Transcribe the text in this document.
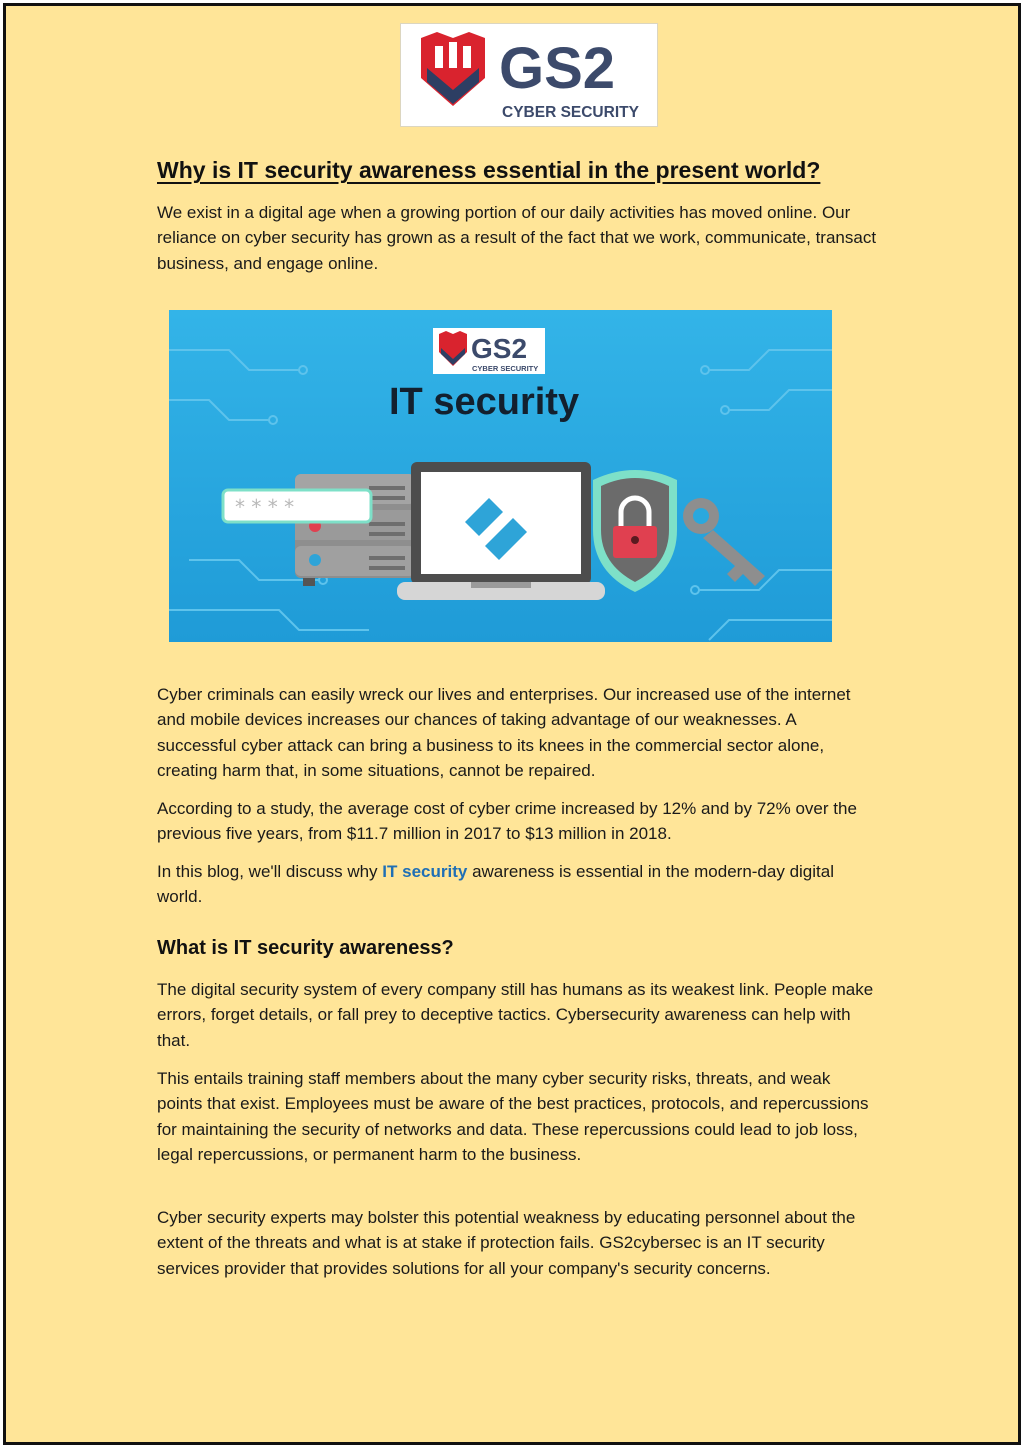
GS2
CYBER SECURITY
Why is IT security awareness essential in the present world?

We exist in a digital age when a growing portion of our daily activities has moved online. Our reliance on cyber security has grown as a result of the fact that we work, communicate, transact business, and engage online.

GS2
CYBER SECURITY
IT security
* * * *

Cyber criminals can easily wreck our lives and enterprises. Our increased use of the internet and mobile devices increases our chances of taking advantage of our weaknesses. A successful cyber attack can bring a business to its knees in the commercial sector alone, creating harm that, in some situations, cannot be repaired.

According to a study, the average cost of cyber crime increased by 12% and by 72% over the previous five years, from $11.7 million in 2017 to $13 million in 2018.

In this blog, we'll discuss why IT security awareness is essential in the modern-day digital world.

What is IT security awareness?

The digital security system of every company still has humans as its weakest link. People make errors, forget details, or fall prey to deceptive tactics. Cybersecurity awareness can help with that.

This entails training staff members about the many cyber security risks, threats, and weak points that exist. Employees must be aware of the best practices, protocols, and repercussions for maintaining the security of networks and data. These repercussions could lead to job loss, legal repercussions, or permanent harm to the business.

Cyber security experts may bolster this potential weakness by educating personnel about the extent of the threats and what is at stake if protection fails. GS2cybersec is an IT security services provider that provides solutions for all your company's security concerns.
